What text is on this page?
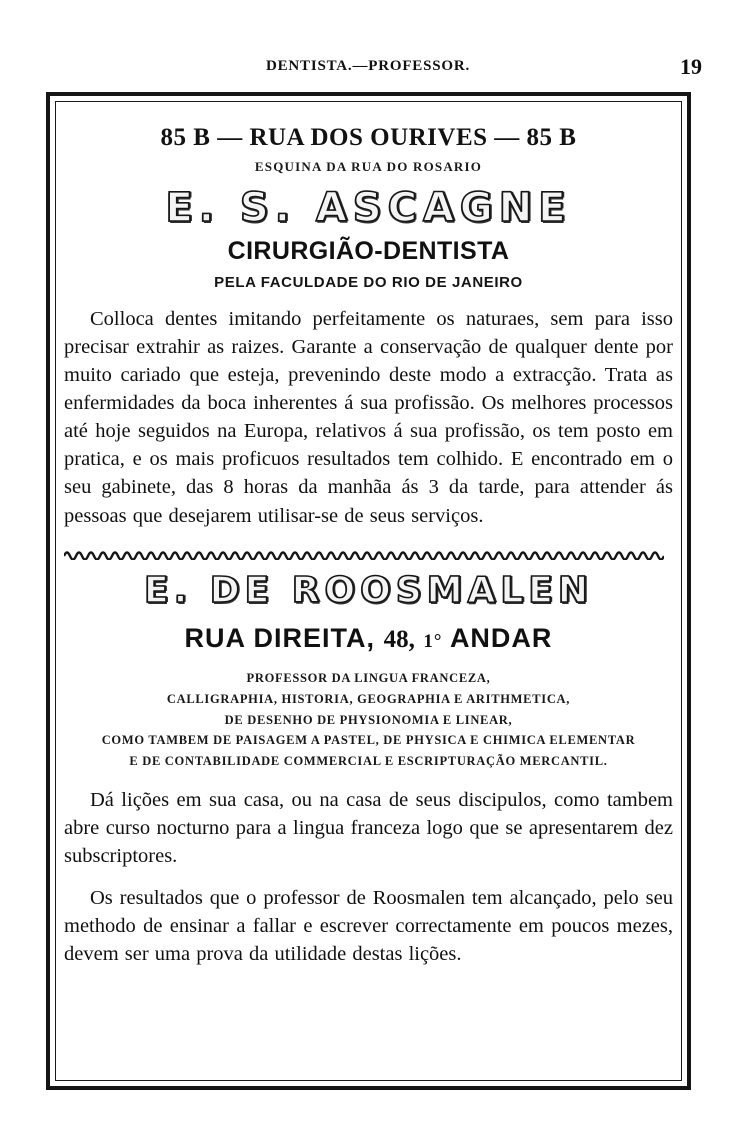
DENTISTA.—PROFESSOR.	19
85 B — RUA DOS OURIVES — 85 B
ESQUINA DA RUA DO ROSARIO
E. S. ASCAGNE
CIRURGIÃO-DENTISTA
PELA FACULDADE DO RIO DE JANEIRO
Colloca dentes imitando perfeitamente os naturaes, sem para isso precisar extrahir as raizes. Garante a conservação de qualquer dente por muito cariado que esteja, prevenindo deste modo a extracção. Trata as enfermidades da boca inherentes á sua profissão. Os melhores processos até hoje seguidos na Europa, relativos á sua profissão, os tem posto em pratica, e os mais proficuos resultados tem colhido. E encontrado em o seu gabinete, das 8 horas da manhãa ás 3 da tarde, para attender ás pessoas que desejarem utilisar-se de seus serviços.
E. DE ROOSMALEN
RUA DIREITA, 48, 1° ANDAR
PROFESSOR DA LINGUA FRANCEZA,
CALLIGRAPHIA, HISTORIA, GEOGRAPHIA E ARITHMETICA,
DE DESENHO DE PHYSIONOMIA E LINEAR,
COMO TAMBEM DE PAISAGEM A PASTEL, DE PHYSICA E CHIMICA ELEMENTAR
E DE CONTABILIDADE COMMERCIAL E ESCRIPTURAÇÃO MERCANTIL.
Dá lições em sua casa, ou na casa de seus discipulos, como tambem abre curso nocturno para a lingua franceza logo que se apresentarem dez subscriptores.
Os resultados que o professor de Roosmalen tem alcançado, pelo seu methodo de ensinar a fallar e escrever correctamente em poucos mezes, devem ser uma prova da utilidade destas lições.
